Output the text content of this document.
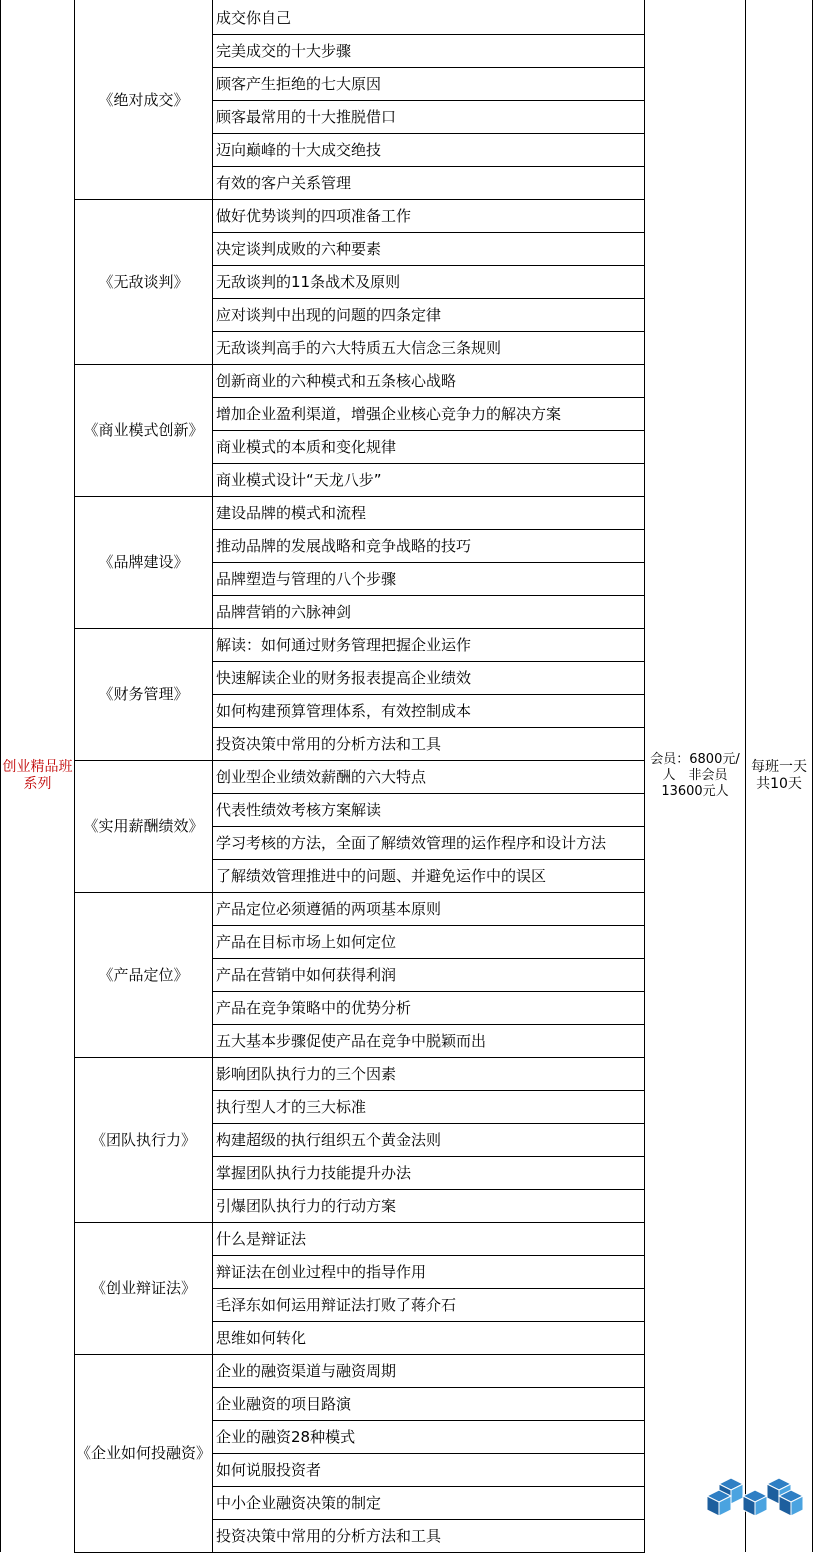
《绝对成交》
成交你自己
完美成交的十大步骤
顾客产生拒绝的七大原因
顾客最常用的十大推脱借口
迈向巅峰的十大成交绝技
有效的客户关系管理
《无敌谈判》
做好优势谈判的四项准备工作
决定谈判成败的六种要素
无敌谈判的11条战术及原则
应对谈判中出现的问题的四条定律
无敌谈判高手的六大特质五大信念三条规则
《商业模式创新》
创新商业的六种模式和五条核心战略
增加企业盈利渠道，增强企业核心竞争力的解决方案
商业模式的本质和变化规律
商业模式设计“天龙八步”
《品牌建设》
建设品牌的模式和流程
推动品牌的发展战略和竞争战略的技巧
品牌塑造与管理的八个步骤
品牌营销的六脉神剑
《财务管理》
解读：如何通过财务管理把握企业运作
快速解读企业的财务报表提高企业绩效
如何构建预算管理体系，有效控制成本
投资决策中常用的分析方法和工具
《实用薪酬绩效》
创业型企业绩效薪酬的六大特点
代表性绩效考核方案解读
学习考核的方法，全面了解绩效管理的运作程序和设计方法
了解绩效管理推进中的问题、并避免运作中的误区
《产品定位》
产品定位必须遵循的两项基本原则
产品在目标市场上如何定位
产品在营销中如何获得利润
产品在竞争策略中的优势分析
五大基本步骤促使产品在竞争中脱颖而出
《团队执行力》
影响团队执行力的三个因素
执行型人才的三大标准
构建超级的执行组织五个黄金法则
掌握团队执行力技能提升办法
引爆团队执行力的行动方案
《创业辩证法》
什么是辩证法
辩证法在创业过程中的指导作用
毛泽东如何运用辩证法打败了蒋介石
思维如何转化
《企业如何投融资》
企业的融资渠道与融资周期
企业融资的项目路演
企业的融资28种模式
如何说服投资者
中小企业融资决策的制定
投资决策中常用的分析方法和工具
创业精品班系列
会员：6800元/人　非会员13600元人
每班一天共10天
